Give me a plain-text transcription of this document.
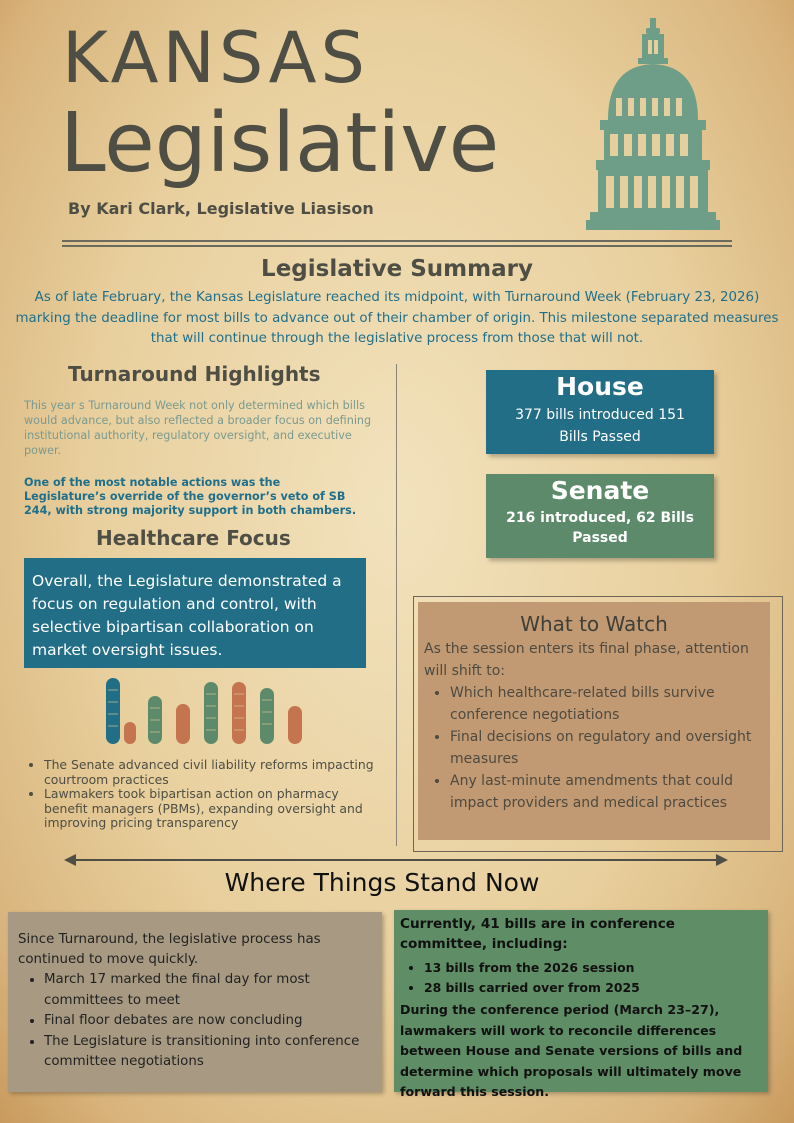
KANSAS
Legislative
By Kari Clark, Legislative Liasison
Legislative Summary
As of late February, the Kansas Legislature reached its midpoint, with Turnaround Week (February 23, 2026) marking the deadline for most bills to advance out of their chamber of origin. This milestone separated measures that will continue through the legislative process from those that will not.
Turnaround Highlights
This year s Turnaround Week not only determined which bills would advance, but also reflected a broader focus on defining institutional authority, regulatory oversight, and executive power.
One of the most notable actions was the Legislature’s override of the governor’s veto of SB 244, with strong majority support in both chambers.
Healthcare Focus
Overall, the Legislature demonstrated a focus on regulation and control, with selective bipartisan collaboration on market oversight issues.
• The Senate advanced civil liability reforms impacting courtroom practices
• Lawmakers took bipartisan action on pharmacy benefit managers (PBMs), expanding oversight and improving pricing transparency
House
377 bills introduced 151 Bills Passed
Senate
216 introduced, 62 Bills Passed
What to Watch
As the session enters its final phase, attention will shift to:
• Which healthcare-related bills survive conference negotiations
• Final decisions on regulatory and oversight measures
• Any last-minute amendments that could impact providers and medical practices
Where Things Stand Now
Since Turnaround, the legislative process has continued to move quickly.
• March 17 marked the final day for most committees to meet
• Final floor debates are now concluding
• The Legislature is transitioning into conference committee negotiations
Currently, 41 bills are in conference committee, including:
• 13 bills from the 2026 session
• 28 bills carried over from 2025
During the conference period (March 23–27), lawmakers will work to reconcile differences between House and Senate versions of bills and determine which proposals will ultimately move forward this session.
